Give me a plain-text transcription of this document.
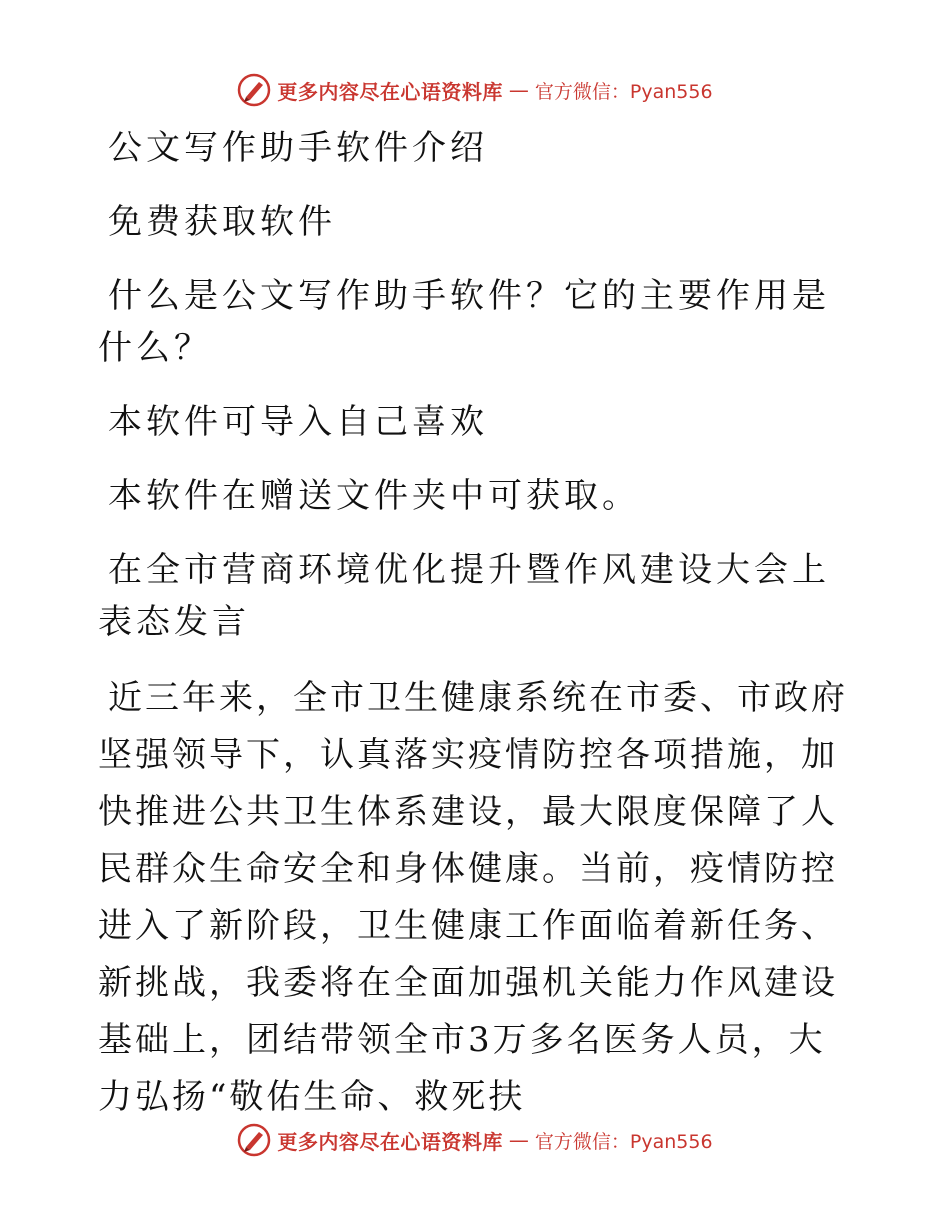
更多内容尽在心语资料库 — 官方微信：Pyan556

公文写作助手软件介绍

免费获取软件

什么是公文写作助手软件？它的主要作用是什么？

本软件可导入自己喜欢

本软件在赠送文件夹中可获取。

在全市营商环境优化提升暨作风建设大会上表态发言

近三年来，全市卫生健康系统在市委、市政府坚强领导下，认真落实疫情防控各项措施，加快推进公共卫生体系建设，最大限度保障了人民群众生命安全和身体健康。当前，疫情防控进入了新阶段，卫生健康工作面临着新任务、新挑战，我委将在全面加强机关能力作风建设基础上，团结带领全市3万多名医务人员，大力弘扬“敬佑生命、救死扶

更多内容尽在心语资料库 — 官方微信：Pyan556
